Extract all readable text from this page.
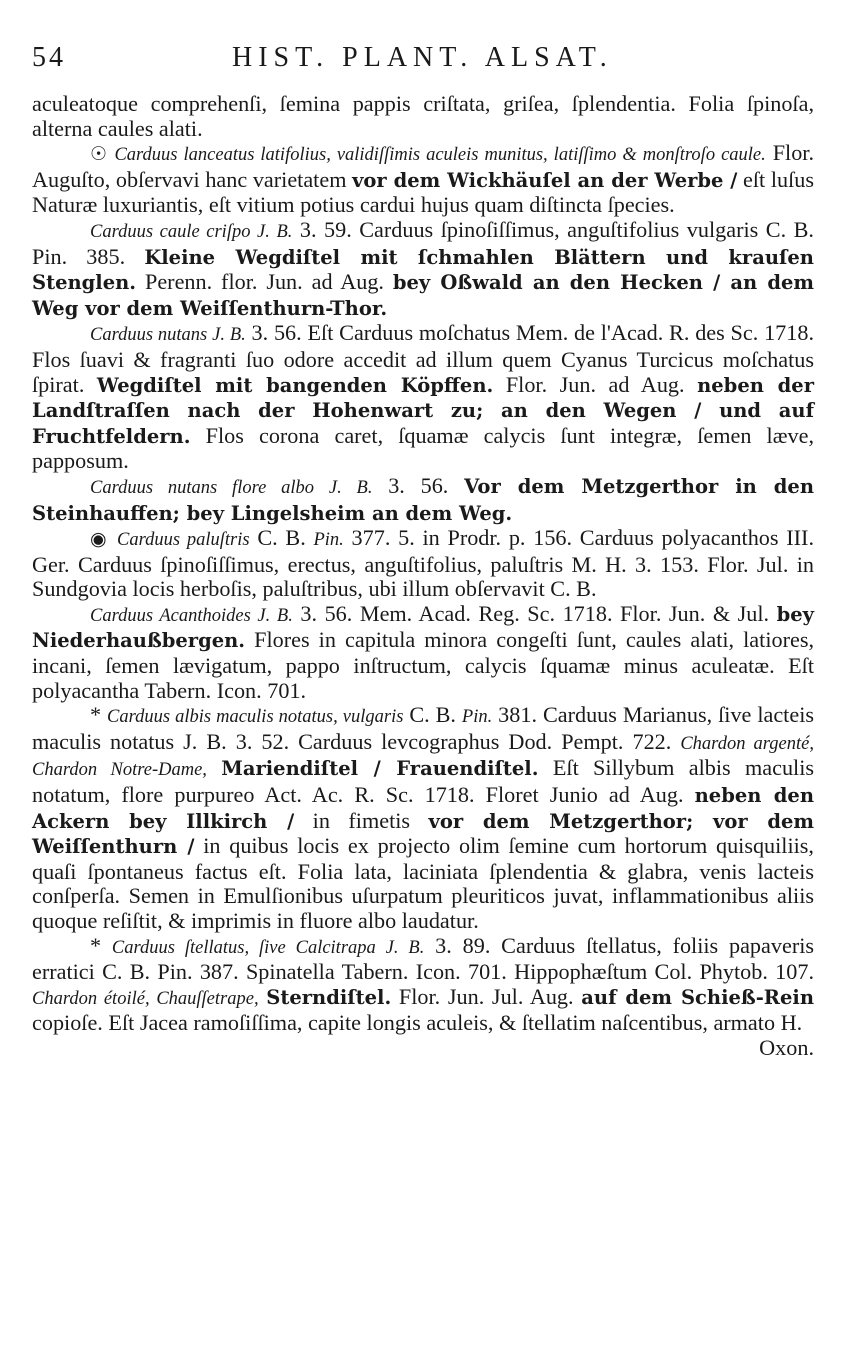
54	HIST. PLANT. ALSAT.

aculeatoque comprehenſi, ſemina pappis criſtata, griſea, ſplendentia. Folia ſpinoſa, alterna caules alati.

☉ Carduus lanceatus latifolius, validiſſimis aculeis munitus, latiſſimo & monſtroſo caule. Flor. Auguſto, obſervavi hanc varietatem vor dem Wickhäuſel an der Werbe / eſt luſus Naturæ luxuriantis, eſt vitium potius cardui hujus quam diſtincta ſpecies.

Carduus caule criſpo J. B. 3. 59. Carduus ſpinoſiſſimus, anguſtifolius vulgaris C. B. Pin. 385. Kleine Wegdiſtel mit ſchmahlen Blättern und krauſen Stenglen. Perenn. flor. Jun. ad Aug. bey Oßwald an den Hecken / an dem Weg vor dem Weiſſenthurn-Thor.

Carduus nutans J. B. 3. 56. Eſt Carduus moſchatus Mem. de l'Acad. R. des Sc. 1718. Flos ſuavi & fragranti ſuo odore accedit ad illum quem Cyanus Turcicus moſchatus ſpirat. Wegdiſtel mit bangenden Köpffen. Flor. Jun. ad Aug. neben der Landſtraſſen nach der Hohenwart zu; an den Wegen / und auf Fruchtfeldern. Flos corona caret, ſquamæ calycis ſunt integræ, ſemen læve, papposum.

Carduus nutans flore albo J. B. 3. 56. Vor dem Metzgerthor in den Steinhauffen; bey Lingelsheim an dem Weg.

◉ Carduus paluſtris C. B. Pin. 377. 5. in Prodr. p. 156. Carduus polyacanthos III. Ger. Carduus ſpinoſiſſimus, erectus, anguſtifolius, paluſtris M. H. 3. 153. Flor. Jul. in Sundgovia locis herboſis, paluſtribus, ubi illum obſervavit C. B.

Carduus Acanthoides J. B. 3. 56. Mem. Acad. Reg. Sc. 1718. Flor. Jun. & Jul. bey Niederhaußbergen. Flores in capitula minora congeſti ſunt, caules alati, latiores, incani, ſemen lævigatum, pappo inſtructum, calycis ſquamæ minus aculeatæ. Eſt polyacantha Tabern. Icon. 701.

* Carduus albis maculis notatus, vulgaris C. B. Pin. 381. Carduus Marianus, ſive lacteis maculis notatus J. B. 3. 52. Carduus levcographus Dod. Pempt. 722. Chardon argenté, Chardon Notre-Dame, Mariendiſtel / Frauendiſtel. Eſt Sillybum albis maculis notatum, flore purpureo Act. Ac. R. Sc. 1718. Floret Junio ad Aug. neben den Ackern bey Illkirch / in fimetis vor dem Metzgerthor; vor dem Weiſſenthurn / in quibus locis ex projecto olim ſemine cum hortorum quisquiliis, quaſi ſpontaneus factus eſt. Folia lata, laciniata ſplendentia & glabra, venis lacteis conſperſa. Semen in Emulſionibus uſurpatum pleuriticos juvat, inflammationibus aliis quoque reſiſtit, & imprimis in fluore albo laudatur.

* Carduus ſtellatus, ſive Calcitrapa J. B. 3. 89. Carduus ſtellatus, foliis papaveris erratici C. B. Pin. 387. Spinatella Tabern. Icon. 701. Hippophæſtum Col. Phytob. 107. Chardon étoilé, Chauſſetrape, Sterndiſtel. Flor. Jun. Jul. Aug. auf dem Schieß-Rein copioſe. Eſt Jacea ramoſiſſima, capite longis aculeis, & ſtellatim naſcentibus, armato H.

Oxon.
